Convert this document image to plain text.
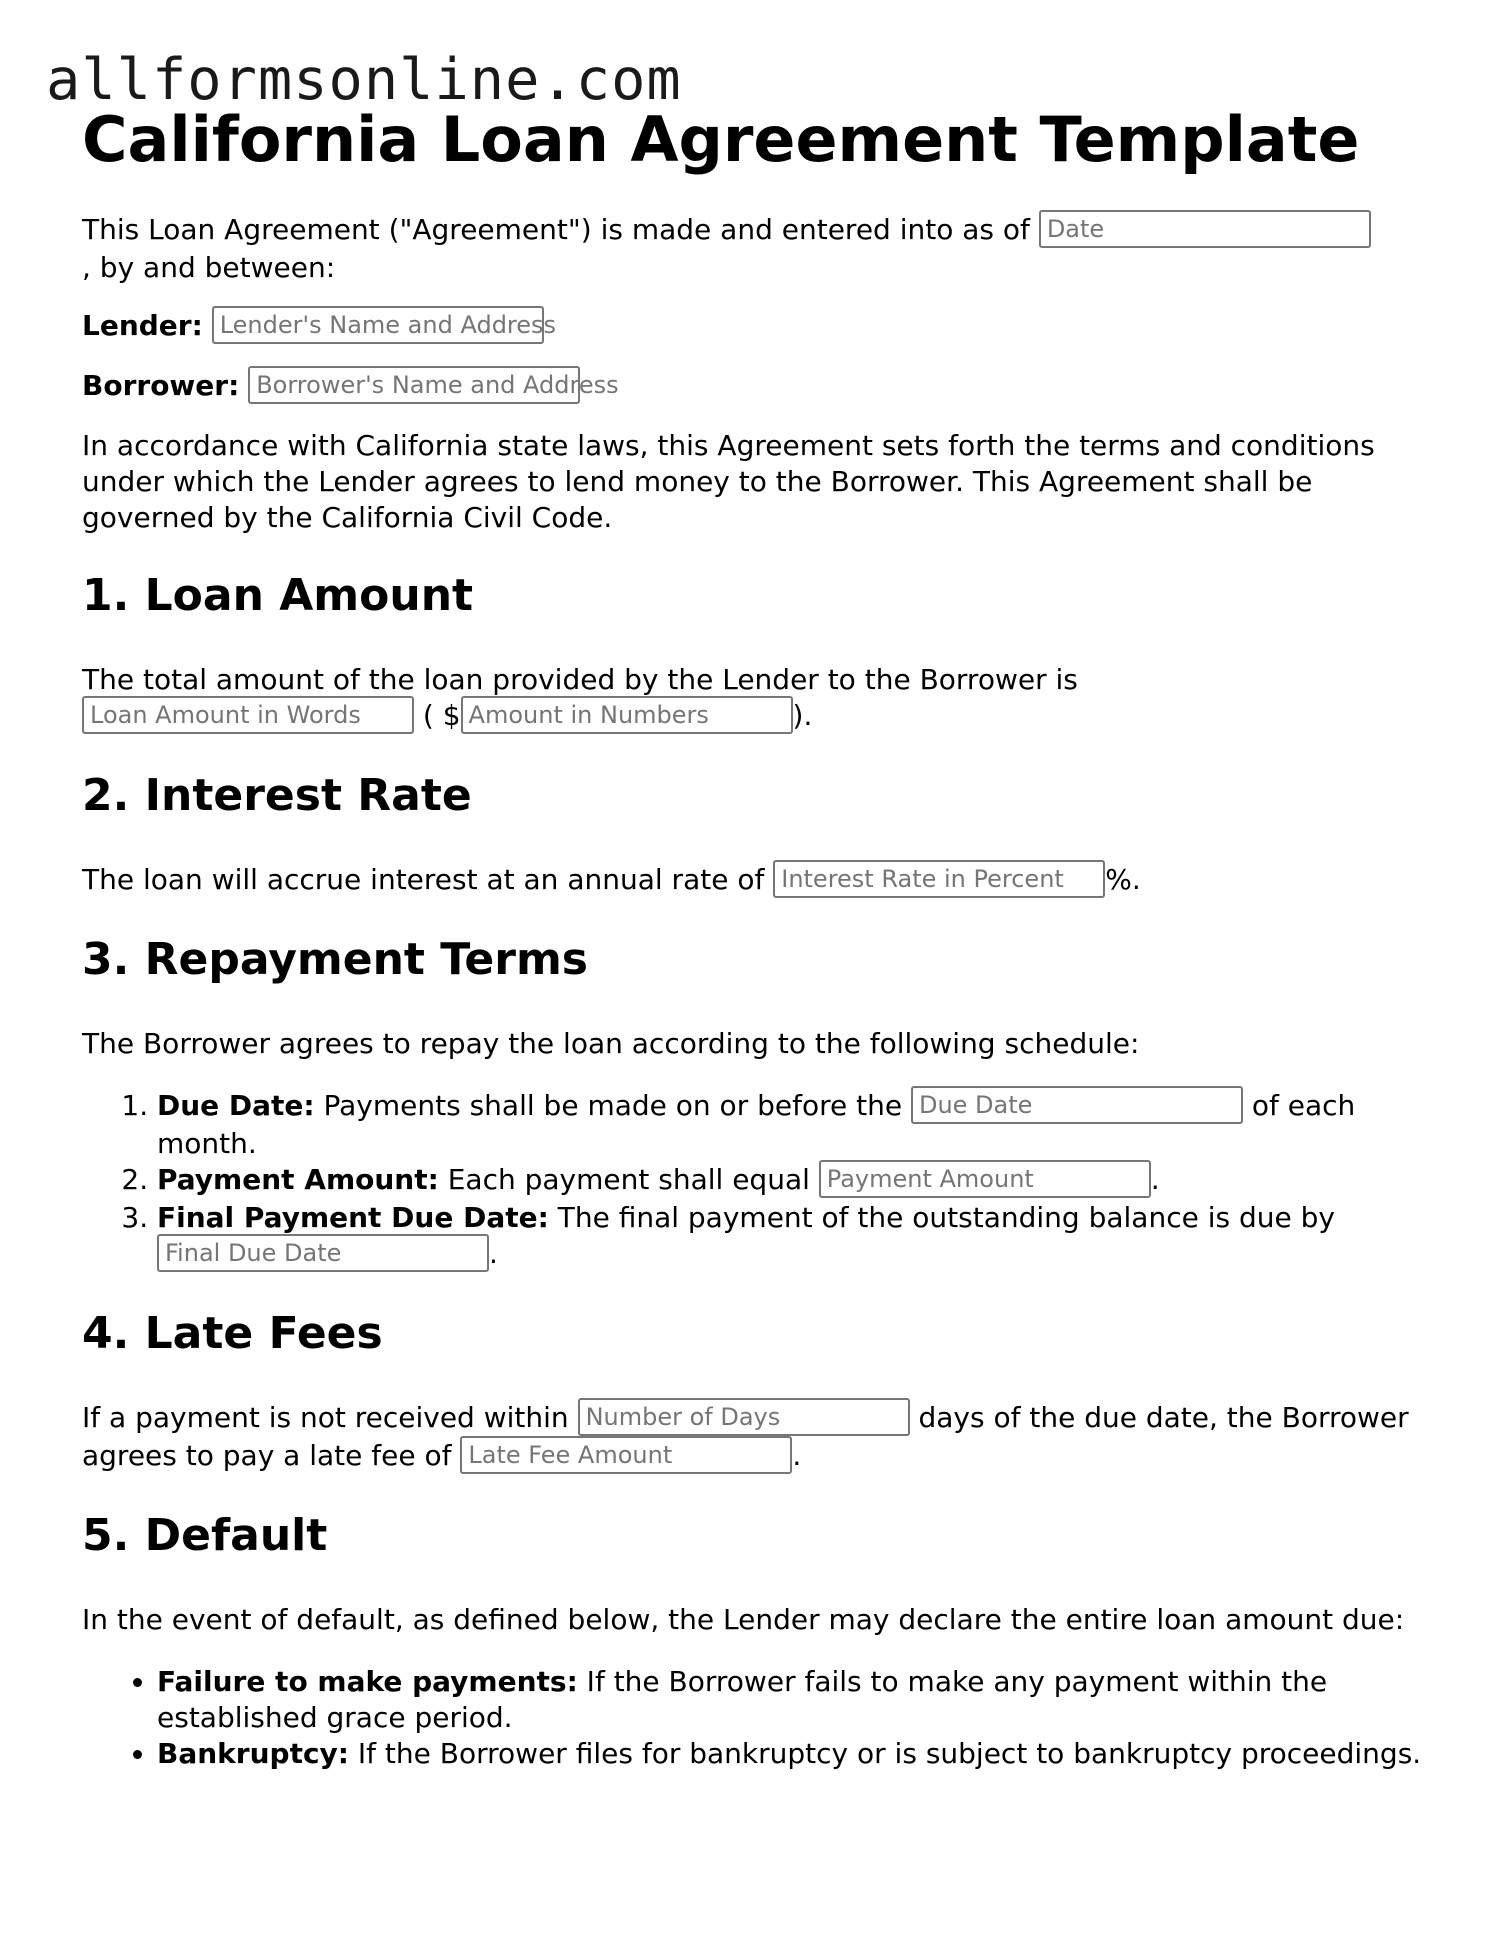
allformsonline.com
California Loan Agreement Template

This Loan Agreement ("Agreement") is made and entered into as of Date
, by and between:

Lender: Lender's Name and Address

Borrower: Borrower's Name and Address

In accordance with California state laws, this Agreement sets forth the terms and conditions under which the Lender agrees to lend money to the Borrower. This Agreement shall be governed by the California Civil Code.

1. Loan Amount

The total amount of the loan provided by the Lender to the Borrower is
Loan Amount in Words ( $ Amount in Numbers	).

2. Interest Rate

The loan will accrue interest at an annual rate of Interest Rate in Percent %.

3. Repayment Terms

The Borrower agrees to repay the loan according to the following schedule:

1. Due Date: Payments shall be made on or before the Due Date	of each month.
2. Payment Amount: Each payment shall equal Payment Amount	.
3. Final Payment Due Date: The final payment of the outstanding balance is due by Final Due Date	.
4. Late Fees

If a payment is not received within Number of Days	days of the due date, the Borrower agrees to pay a late fee of Late Fee Amount	.

5. Default

In the event of default, as defined below, the Lender may declare the entire loan amount due:

• Failure to make payments: If the Borrower fails to make any payment within the established grace period.
• Bankruptcy: If the Borrower files for bankruptcy or is subject to bankruptcy proceedings.
